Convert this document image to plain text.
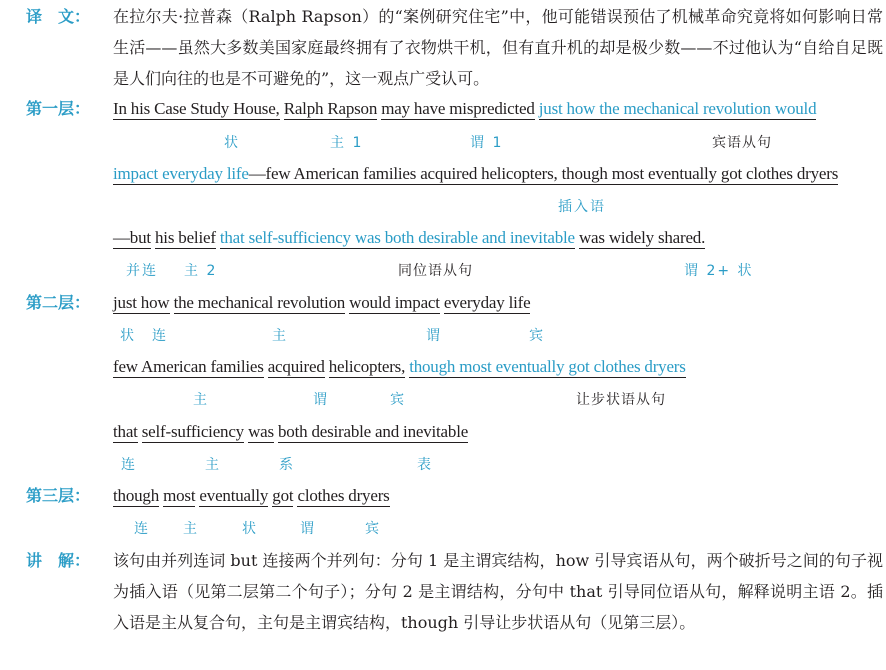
译　文：	在拉尔夫·拉普森（Ralph Rapson）的“案例研究住宅”中，他可能错误预估了机械革命究竟将如何影响日常生活——虽然大多数美国家庭最终拥有了衣物烘干机，但有直升机的却是极少数——不过他认为“自给自足既是人们向往的也是不可避免的”，这一观点广受认可。
第一层：	In his Case Study House, Ralph Rapson may have mispredicted just how the mechanical revolution would
状	主 1	谓 1	宾语从句
impact everyday life—few American families acquired helicopters, though most eventually got clothes dryers
插入语
—but his belief that self-sufficiency was both desirable and inevitable was widely shared.
并连 主 2	同位语从句	谓 2+ 状
第二层：	just how the mechanical revolution would impact everyday life
状 连	主	谓	宾
few American families acquired helicopters, though most eventually got clothes dryers
主	谓	宾	让步状语从句
that self-sufficiency was both desirable and inevitable
连	主	系	表
第三层：	though most eventually got clothes dryers
连 主	状	谓	宾
讲　解：	该句由并列连词 but 连接两个并列句：分句 1 是主谓宾结构，how 引导宾语从句，两个破折号之间的句子视为插入语（见第二层第二个句子）；分句 2 是主谓结构，分句中 that 引导同位语从句，解释说明主语 2。插入语是主从复合句，主句是主谓宾结构，though 引导让步状语从句（见第三层）。
